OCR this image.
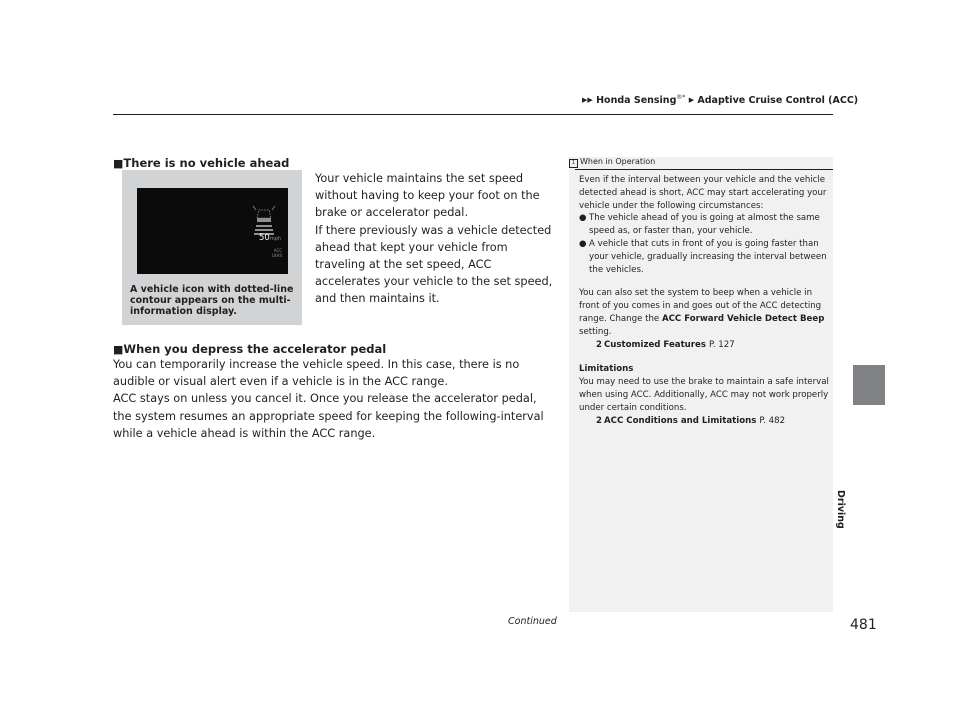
▶▶ Honda Sensing®* ▶ Adaptive Cruise Control (ACC)
Driving
■There is no vehicle ahead
Your vehicle maintains the set speed without having to keep your foot on the brake or accelerator pedal.
If there previously was a vehicle detected ahead that kept your vehicle from traveling at the set speed, ACC accelerates your vehicle to the set speed, and then maintains it.
50mph
ACC
LKAS
A vehicle icon with dotted-line contour appears on the multi-information display.
■When you depress the accelerator pedal
You can temporarily increase the vehicle speed. In this case, there is no audible or visual alert even if a vehicle is in the ACC range.
ACC stays on unless you cancel it. Once you release the accelerator pedal, the system resumes an appropriate speed for keeping the following-interval while a vehicle ahead is within the ACC range.
1 When in Operation
Even if the interval between your vehicle and the vehicle detected ahead is short, ACC may start accelerating your vehicle under the following circumstances:
● The vehicle ahead of you is going at almost the same speed as, or faster than, your vehicle.
● A vehicle that cuts in front of you is going faster than your vehicle, gradually increasing the interval between the vehicles.
You can also set the system to beep when a vehicle in front of you comes in and goes out of the ACC detecting range. Change the ACC Forward Vehicle Detect Beep setting.
2 Customized Features P. 127
Limitations
You may need to use the brake to maintain a safe interval when using ACC. Additionally, ACC may not work properly under certain conditions.
2 ACC Conditions and Limitations P. 482
Continued	481
